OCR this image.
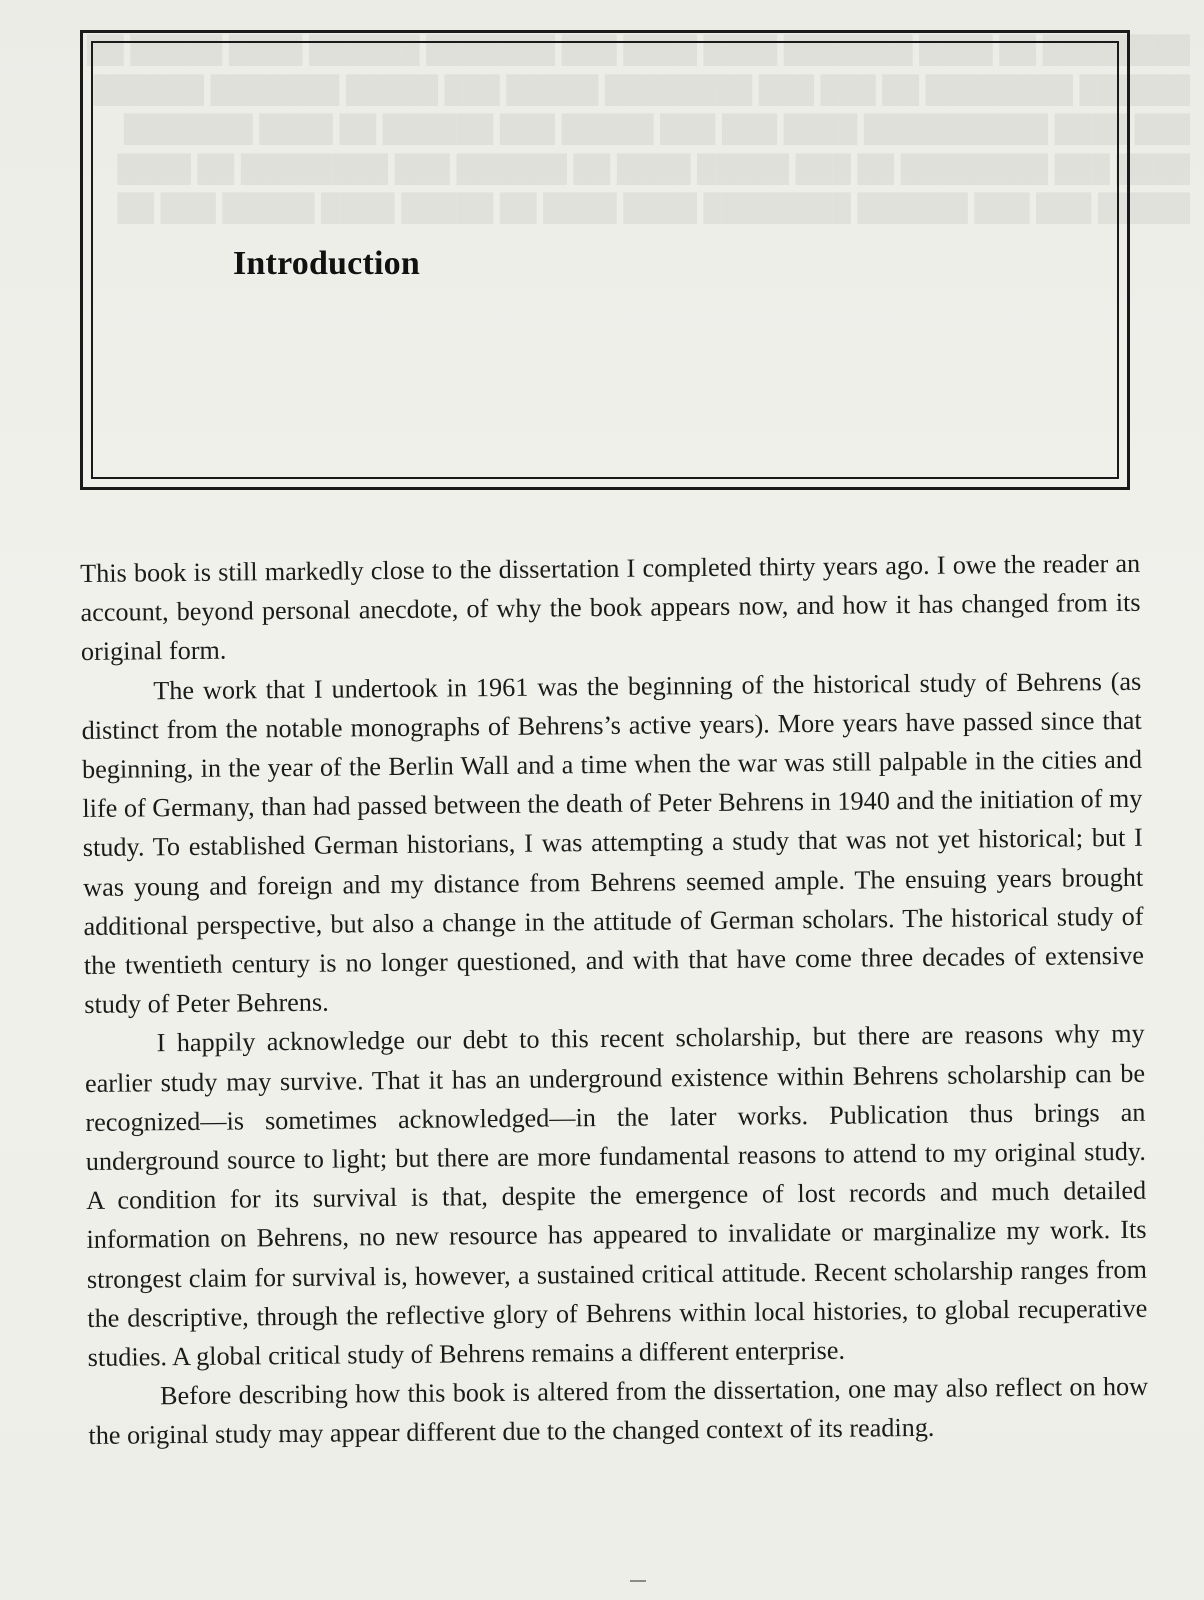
████████ ██ ████ ███████ ████ ████ ███ ███████ ██████ ████ █████ ██
██████ ████████ ██ ███ ███ ████████ █████ ███ █████ ███████ ██████
███ ████ ██████████ ████ ███ ███ █████ ███ ██████ ██ ████ ███████
████ ███ ████████ ██ ███ █████ ████ ██ ██████ ███ ████████ ██ ████
█████ ███ ███ ██████ ████████ ████ ████ ██ █████ ████ █████ ███ ██
Introduction

This book is still markedly close to the dissertation I completed thirty years ago. I owe the reader an account, beyond personal anecdote, of why the book appears now, and how it has changed from its original form.

The work that I undertook in 1961 was the beginning of the historical study of Behrens (as distinct from the notable monographs of Behrens’s active years). More years have passed since that beginning, in the year of the Berlin Wall and a time when the war was still palpable in the cities and life of Germany, than had passed between the death of Peter Behrens in 1940 and the initiation of my study. To established German historians, I was attempting a study that was not yet historical; but I was young and foreign and my distance from Behrens seemed ample. The ensuing years brought additional perspective, but also a change in the attitude of German scholars. The historical study of the twentieth century is no longer questioned, and with that have come three decades of extensive study of Peter Behrens.

I happily acknowledge our debt to this recent scholarship, but there are reasons why my earlier study may survive. That it has an underground existence within Behrens scholarship can be recognized—is sometimes acknowledged—in the later works. Publication thus brings an underground source to light; but there are more fundamental reasons to attend to my original study. A condition for its survival is that, despite the emergence of lost records and much detailed information on Behrens, no new resource has appeared to invalidate or marginalize my work. Its strongest claim for survival is, however, a sustained critical attitude. Recent scholarship ranges from the descriptive, through the reflective glory of Behrens within local histories, to global recuperative studies. A global critical study of Behrens remains a different enterprise.

Before describing how this book is altered from the dissertation, one may also reflect on how the original study may appear different due to the changed context of its reading.
